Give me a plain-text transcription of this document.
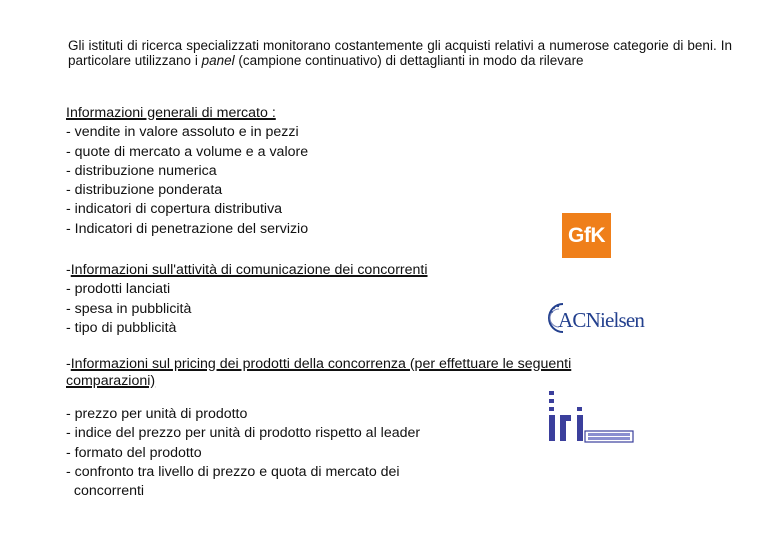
Gli istituti di ricerca specializzati monitorano costantemente gli acquisti relativi a numerose categorie di beni. In particolare utilizzano i panel (campione continuativo) di dettaglianti in modo da rilevare

Informazioni generali di mercato :
- vendite in valore assoluto e in pezzi
- quote di mercato a volume e a valore
- distribuzione numerica
- distribuzione ponderata
- indicatori di copertura distributiva
- Indicatori di penetrazione del servizio
-Informazioni sull'attività di comunicazione dei concorrenti
- prodotti lanciati
- spesa in pubblicità
- tipo di pubblicità
-Informazioni sul pricing dei prodotti della concorrenza (per effettuare le seguenti comparazioni)
- prezzo per unità di prodotto
- indice del prezzo per unità di prodotto rispetto al leader
- formato del prodotto
- confronto tra livello di prezzo e quota di mercato dei
concorrenti
GfK
ACNielsen
